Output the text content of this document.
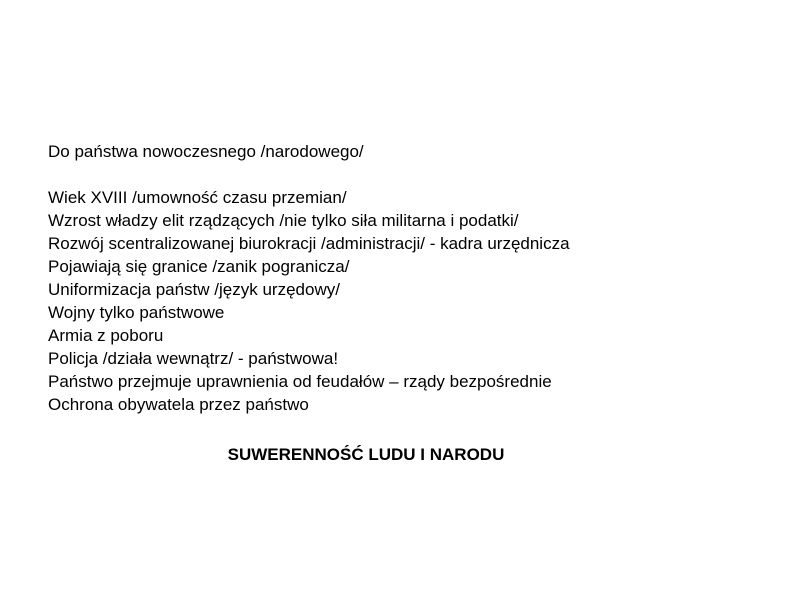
Do państwa nowoczesnego /narodowego/
Wiek XVIII /umowność czasu przemian/
Wzrost władzy elit rządzących /nie tylko siła militarna i podatki/
Rozwój scentralizowanej biurokracji /administracji/ - kadra urzędnicza
Pojawiają się granice /zanik pogranicza/
Uniformizacja państw /język urzędowy/
Wojny tylko państwowe
Armia z poboru
Policja /działa wewnątrz/ - państwowa!
Państwo przejmuje uprawnienia od feudałów – rządy bezpośrednie
Ochrona obywatela przez państwo
SUWERENNOŚĆ LUDU I NARODU
